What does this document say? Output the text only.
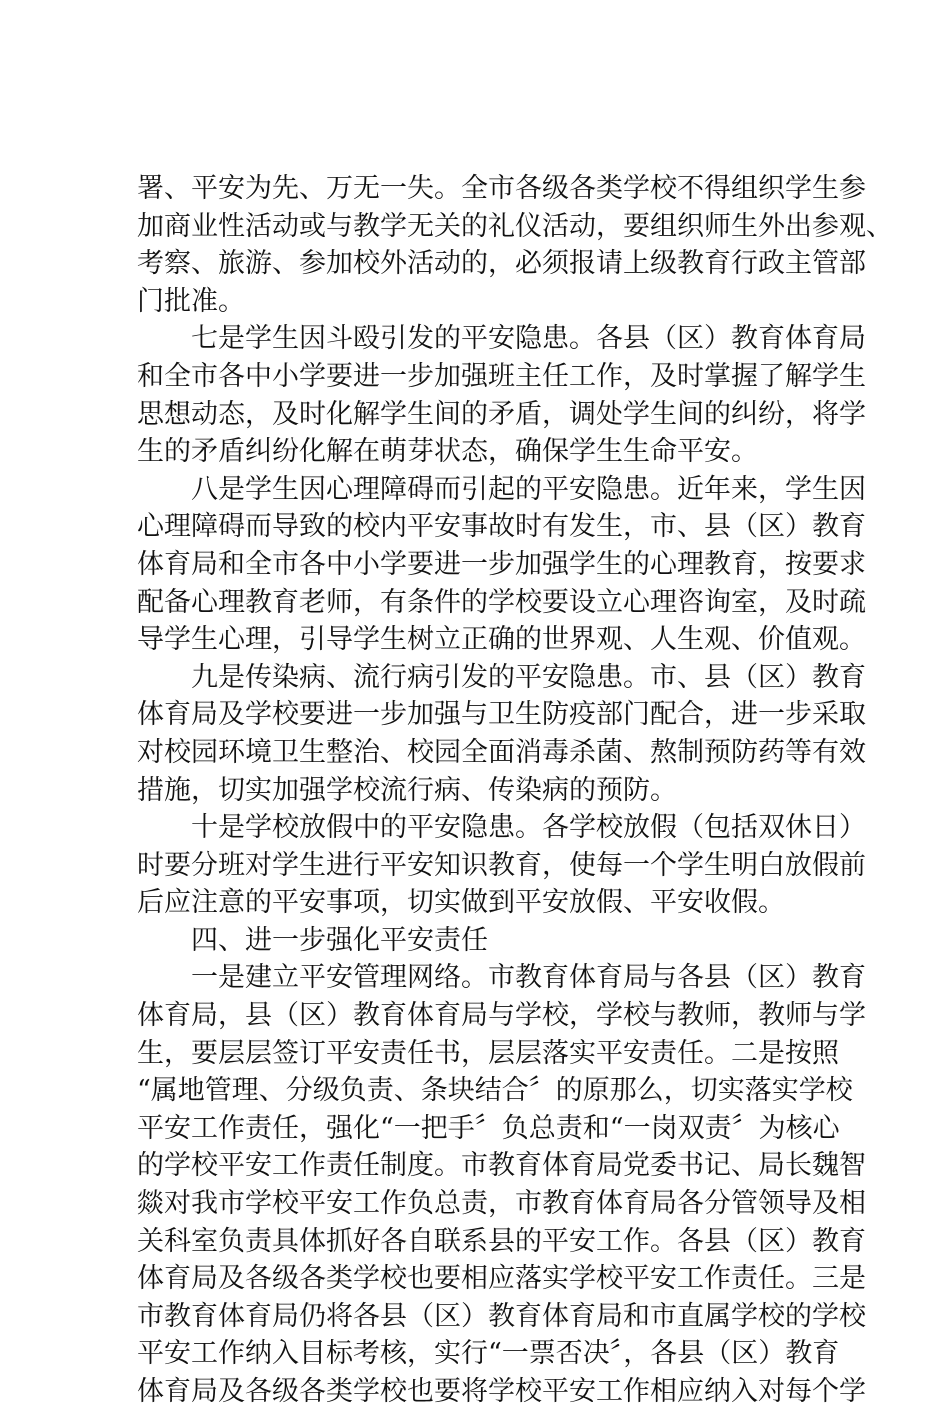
署、平安为先、万无一失。全市各级各类学校不得组织学生参
加商业性活动或与教学无关的礼仪活动，要组织师生外出参观、
考察、旅游、参加校外活动的，必须报请上级教育行政主管部
门批准。
七是学生因斗殴引发的平安隐患。各县（区）教育体育局
和全市各中小学要进一步加强班主任工作，及时掌握了解学生
思想动态，及时化解学生间的矛盾，调处学生间的纠纷，将学
生的矛盾纠纷化解在萌芽状态，确保学生生命平安。
八是学生因心理障碍而引起的平安隐患。近年来，学生因
心理障碍而导致的校内平安事故时有发生，市、县（区）教育
体育局和全市各中小学要进一步加强学生的心理教育，按要求
配备心理教育老师，有条件的学校要设立心理咨询室，及时疏
导学生心理，引导学生树立正确的世界观、人生观、价值观。
九是传染病、流行病引发的平安隐患。市、县（区）教育
体育局及学校要进一步加强与卫生防疫部门配合，进一步采取
对校园环境卫生整治、校园全面消毒杀菌、熬制预防药等有效
措施，切实加强学校流行病、传染病的预防。
十是学校放假中的平安隐患。各学校放假（包括双休日）
时要分班对学生进行平安知识教育，使每一个学生明白放假前
后应注意的平安事项，切实做到平安放假、平安收假。
四、进一步强化平安责任
一是建立平安管理网络。市教育体育局与各县（区）教育
体育局，县（区）教育体育局与学校，学校与教师，教师与学
生，要层层签订平安责任书，层层落实平安责任。二是按照
“属地管理、分级负责、条块结合〞的原那么，切实落实学校
平安工作责任，强化“一把手〞负总责和“一岗双责〞为核心
的学校平安工作责任制度。市教育体育局党委书记、局长魏智
燚对我市学校平安工作负总责，市教育体育局各分管领导及相
关科室负责具体抓好各自联系县的平安工作。各县（区）教育
体育局及各级各类学校也要相应落实学校平安工作责任。三是
市教育体育局仍将各县（区）教育体育局和市直属学校的学校
平安工作纳入目标考核，实行“一票否决〞，各县（区）教育
体育局及各级各类学校也要将学校平安工作相应纳入对每个学
